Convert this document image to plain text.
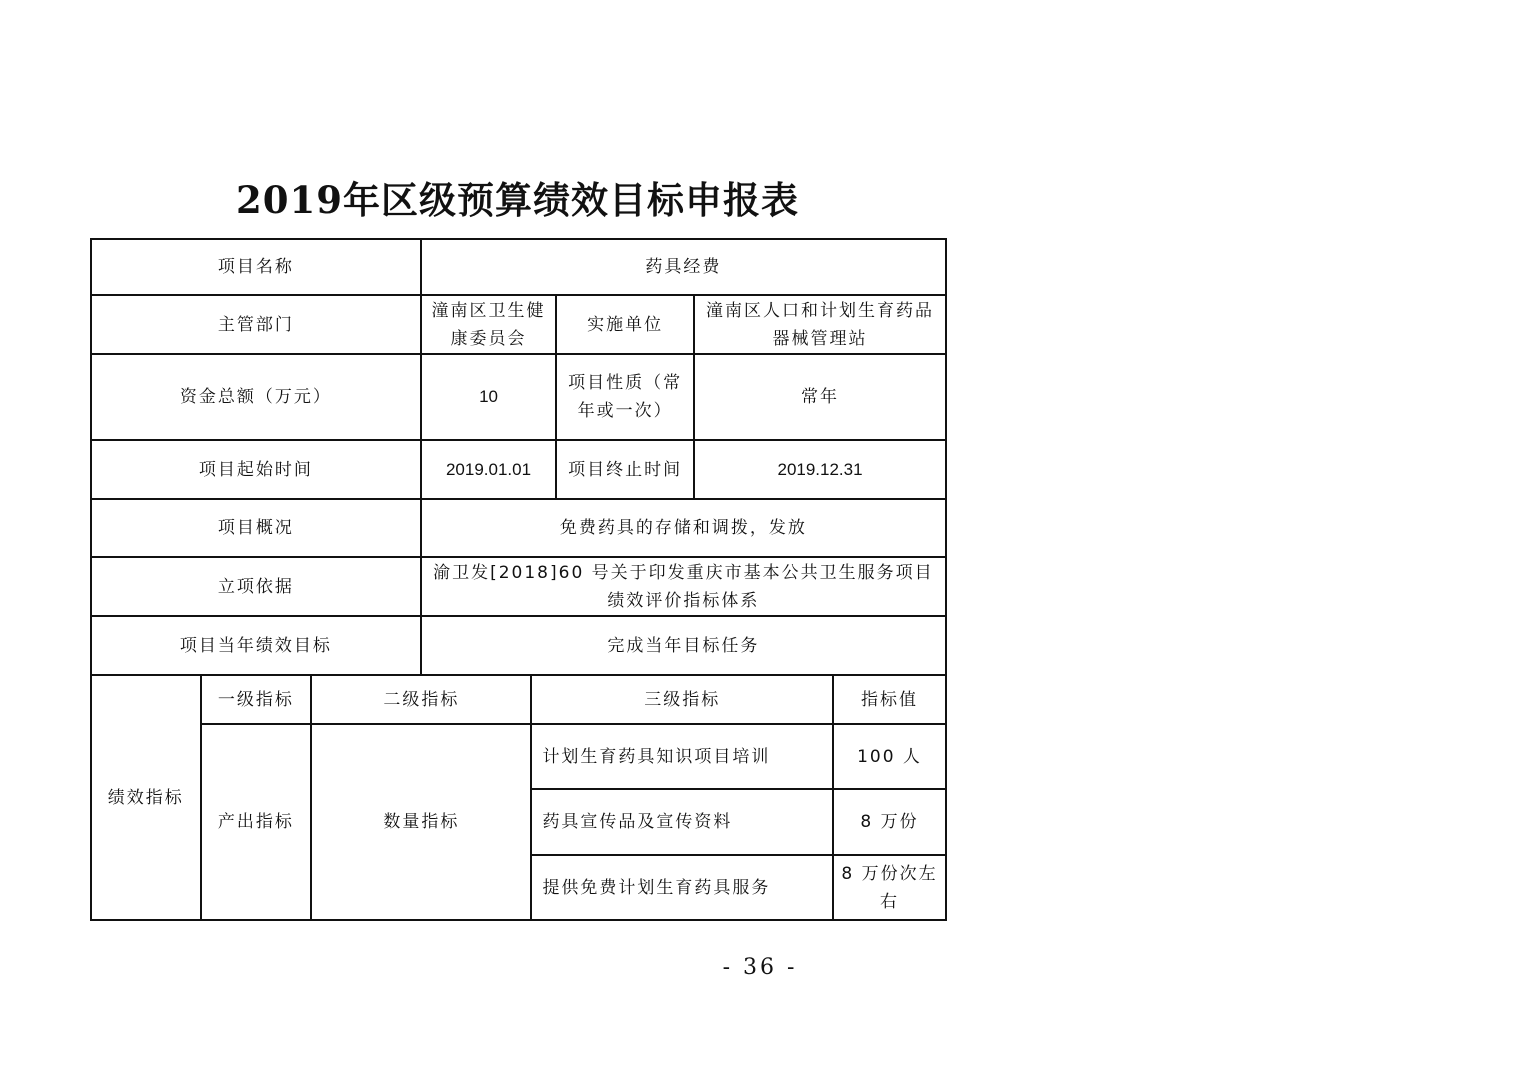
2019年区级预算绩效目标申报表
项目名称			药具经费				
主管部门			潼南区卫生健康委员会		实施单位	潼南区人口和计划生育药品器械管理站	
资金总额（万元）			10		项目性质（常年或一次）	常年	
项目起始时间			2019.01.01		项目终止时间	2019.12.31	
项目概况			免费药具的存储和调拨，发放				
立项依据			渝卫发[2018]60 号关于印发重庆市基本公共卫生服务项目绩效评价指标体系				
项目当年绩效目标			完成当年目标任务				
绩效指标	一级指标	二级指标		三级指标			指标值
	产出指标	数量指标		计划生育药具知识项目培训			100 人
				药具宣传品及宣传资料			8 万份
				提供免费计划生育药具服务			8 万份次左右
- 36 -
